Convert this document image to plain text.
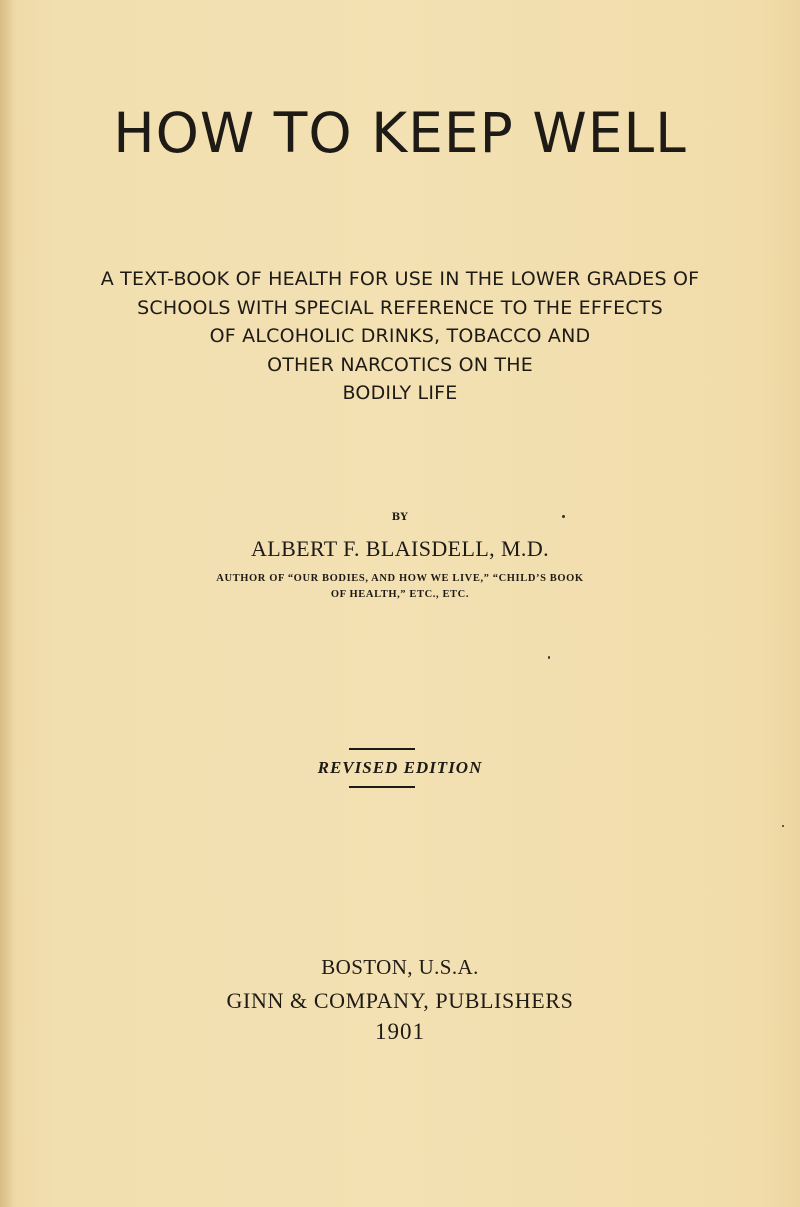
HOW TO KEEP WELL
A TEXT-BOOK OF HEALTH FOR USE IN THE LOWER GRADES OF
SCHOOLS WITH SPECIAL REFERENCE TO THE EFFECTS
OF ALCOHOLIC DRINKS, TOBACCO AND
OTHER NARCOTICS ON THE
BODILY LIFE
BY
ALBERT F. BLAISDELL, M.D.
AUTHOR OF “OUR BODIES, AND HOW WE LIVE,” “CHILD’S BOOK
OF HEALTH,” ETC., ETC.
REVISED EDITION
BOSTON, U.S.A.
GINN & COMPANY, PUBLISHERS
1901
